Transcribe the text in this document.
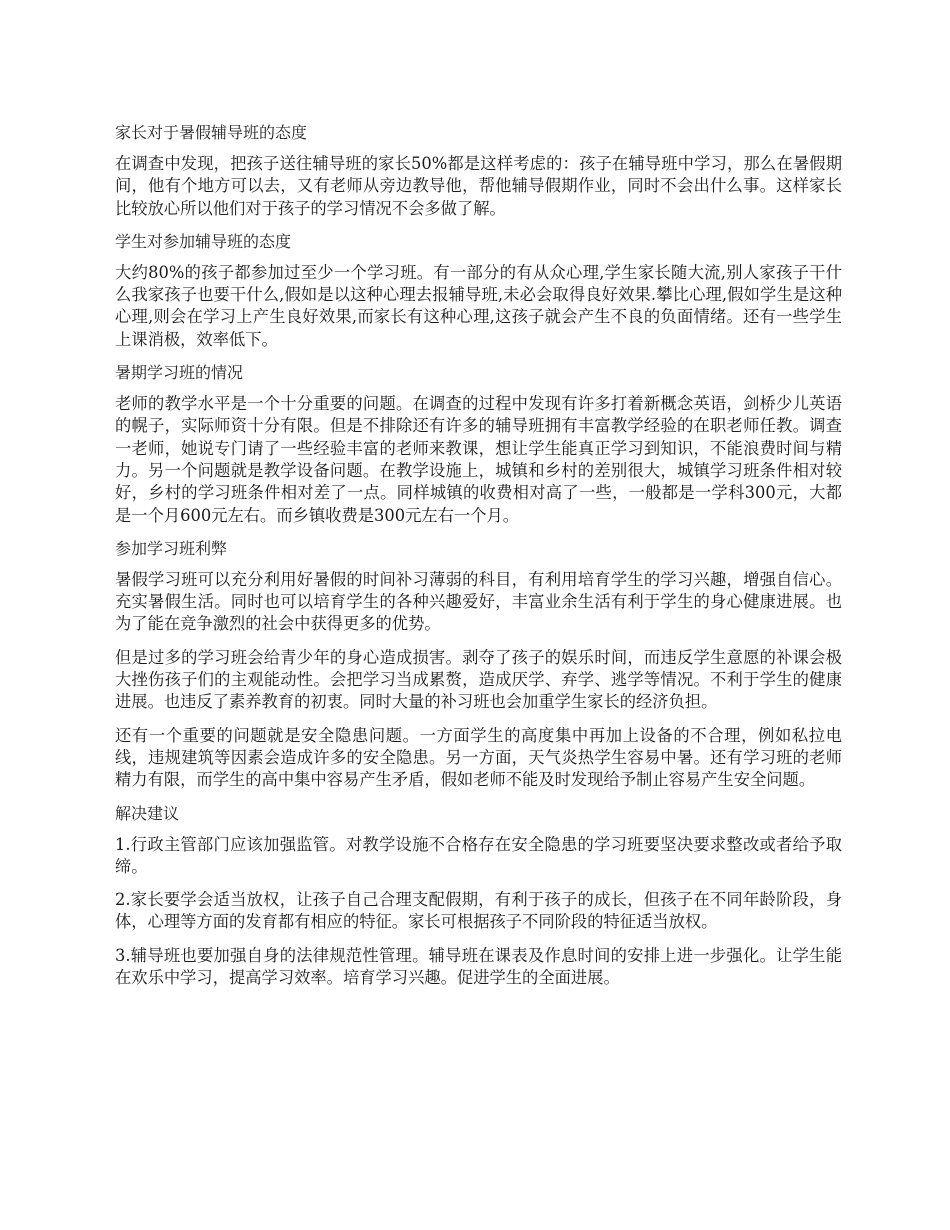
家长对于暑假辅导班的态度

在调查中发现，把孩子送往辅导班的家长50%都是这样考虑的：孩子在辅导班中学习，那么在暑假期间，他有个地方可以去，又有老师从旁边教导他，帮他辅导假期作业，同时不会出什么事。这样家长比较放心所以他们对于孩子的学习情况不会多做了解。

学生对参加辅导班的态度

大约80%的孩子都参加过至少一个学习班。有一部分的有从众心理,学生家长随大流,别人家孩子干什么我家孩子也要干什么,假如是以这种心理去报辅导班,未必会取得良好效果.攀比心理,假如学生是这种心理,则会在学习上产生良好效果,而家长有这种心理,这孩子就会产生不良的负面情绪。还有一些学生上课消极，效率低下。

暑期学习班的情况

老师的教学水平是一个十分重要的问题。在调查的过程中发现有许多打着新概念英语，剑桥少儿英语的幌子，实际师资十分有限。但是不排除还有许多的辅导班拥有丰富教学经验的在职老师任教。调查一老师，她说专门请了一些经验丰富的老师来教课，想让学生能真正学习到知识，不能浪费时间与精力。另一个问题就是教学设备问题。在教学设施上，城镇和乡村的差别很大，城镇学习班条件相对较好，乡村的学习班条件相对差了一点。同样城镇的收费相对高了一些，一般都是一学科300元，大都是一个月600元左右。而乡镇收费是300元左右一个月。

参加学习班利弊

暑假学习班可以充分利用好暑假的时间补习薄弱的科目，有利用培育学生的学习兴趣，增强自信心。充实暑假生活。同时也可以培育学生的各种兴趣爱好，丰富业余生活有利于学生的身心健康进展。也为了能在竞争激烈的社会中获得更多的优势。

但是过多的学习班会给青少年的身心造成损害。剥夺了孩子的娱乐时间，而违反学生意愿的补课会极大挫伤孩子们的主观能动性。会把学习当成累赘，造成厌学、弃学、逃学等情况。不利于学生的健康进展。也违反了素养教育的初衷。同时大量的补习班也会加重学生家长的经济负担。

还有一个重要的问题就是安全隐患问题。一方面学生的高度集中再加上设备的不合理，例如私拉电线，违规建筑等因素会造成许多的安全隐患。另一方面，天气炎热学生容易中暑。还有学习班的老师精力有限，而学生的高中集中容易产生矛盾，假如老师不能及时发现给予制止容易产生安全问题。

解决建议

1.行政主管部门应该加强监管。对教学设施不合格存在安全隐患的学习班要坚决要求整改或者给予取缔。

2.家长要学会适当放权，让孩子自己合理支配假期，有利于孩子的成长，但孩子在不同年龄阶段，身体，心理等方面的发育都有相应的特征。家长可根据孩子不同阶段的特征适当放权。

3.辅导班也要加强自身的法律规范性管理。辅导班在课表及作息时间的安排上进一步强化。让学生能在欢乐中学习，提高学习效率。培育学习兴趣。促进学生的全面进展。
